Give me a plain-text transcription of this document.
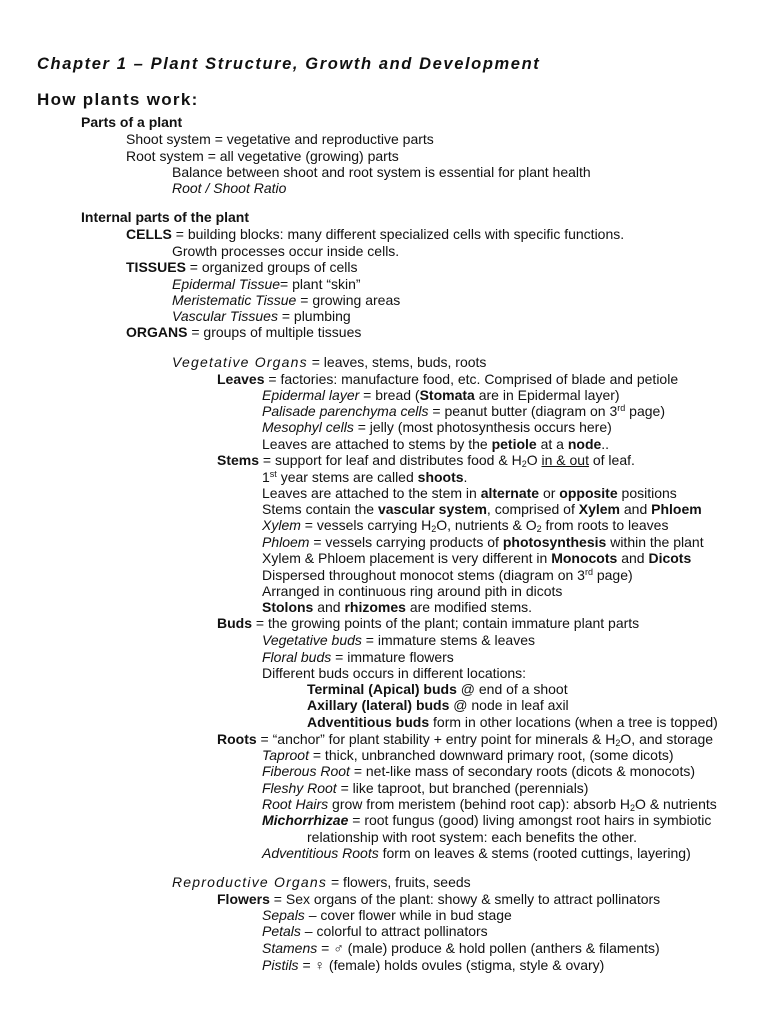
Chapter 1 – Plant Structure, Growth and Development
How plants work:
Parts of a plant
Shoot system = vegetative and reproductive parts
Root system = all vegetative (growing) parts
Balance between shoot and root system is essential for plant health
Root / Shoot Ratio
Internal parts of the plant
CELLS = building blocks: many different specialized cells with specific functions.
Growth processes occur inside cells.
TISSUES = organized groups of cells
Epidermal Tissue= plant “skin”
Meristematic Tissue = growing areas
Vascular Tissues = plumbing
ORGANS = groups of multiple tissues
Vegetative Organs = leaves, stems, buds, roots
Leaves = factories: manufacture food, etc. Comprised of blade and petiole
Epidermal layer = bread (Stomata are in Epidermal layer)
Palisade parenchyma cells = peanut butter (diagram on 3rd page)
Mesophyl cells = jelly (most photosynthesis occurs here)
Leaves are attached to stems by the petiole at a node..
Stems = support for leaf and distributes food & $H_2O$ in & out of leaf.
1st year stems are called shoots.
Leaves are attached to the stem in alternate or opposite positions
Stems contain the vascular system, comprised of Xylem and Phloem
Xylem = vessels carrying $H_2O$, nutrients & $O_2$ from roots to leaves
Phloem = vessels carrying products of photosynthesis within the plant
Xylem & Phloem placement is very different in Monocots and Dicots
Dispersed throughout monocot stems (diagram on 3rd page)
Arranged in continuous ring around pith in dicots
Stolons and rhizomes are modified stems.
Buds = the growing points of the plant; contain immature plant parts
Vegetative buds = immature stems & leaves
Floral buds = immature flowers
Different buds occurs in different locations:
Terminal (Apical) buds @ end of a shoot
Axillary (lateral) buds @ node in leaf axil
Adventitious buds form in other locations (when a tree is topped)
Roots = “anchor” for plant stability + entry point for minerals & $H_2O$, and storage
Taproot = thick, unbranched downward primary root, (some dicots)
Fiberous Root = net-like mass of secondary roots (dicots & monocots)
Fleshy Root = like taproot, but branched (perennials)
Root Hairs grow from meristem (behind root cap): absorb $H_2O$ & nutrients
Michorrhizae = root fungus (good) living amongst root hairs in symbiotic
relationship with root system: each benefits the other.
Adventitious Roots form on leaves & stems (rooted cuttings, layering)
Reproductive Organs = flowers, fruits, seeds
Flowers = Sex organs of the plant: showy & smelly to attract pollinators
Sepals – cover flower while in bud stage
Petals – colorful to attract pollinators
Stamens = ♂ (male) produce & hold pollen (anthers & filaments)
Pistils = ♀ (female) holds ovules (stigma, style & ovary)
